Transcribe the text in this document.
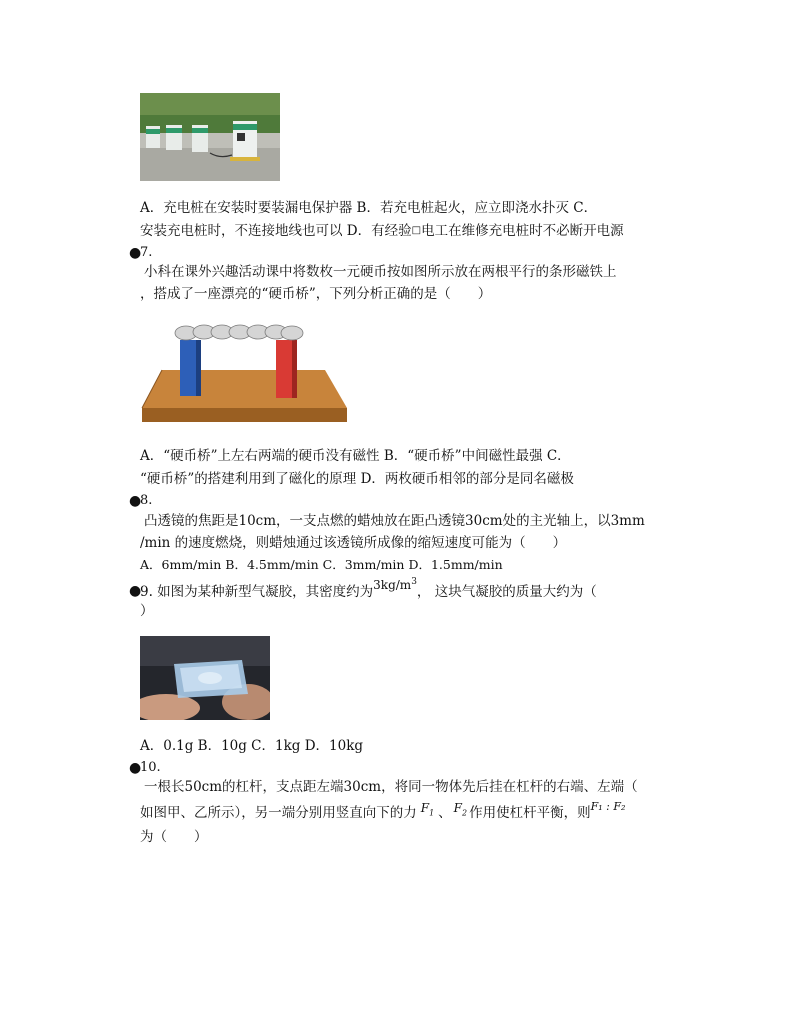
A．充电桩在安装时要装漏电保护器 B．若充电桩起火，应立即浇水扑灭 C．
安装充电桩时，不连接地线也可以 D．有经验□电工在维修充电桩时不必断开电源
●
7.
小科在课外兴趣活动课中将数枚一元硬币按如图所示放在两根平行的条形磁铁上
，搭成了一座漂亮的“硬币桥”，下列分析正确的是（　　）
A．“硬币桥”上左右两端的硬币没有磁性 B．“硬币桥”中间磁性最强 C．
“硬币桥”的搭建利用到了磁化的原理 D．两枚硬币相邻的部分是同名磁极
●
8.
凸透镜的焦距是10cm，一支点燃的蜡烛放在距凸透镜30cm处的主光轴上，以3mm
/min 的速度燃烧，则蜡烛通过该透镜所成像的缩短速度可能为（　　）
A．6mm/min B．4.5mm/min C．3mm/min D．1.5mm/min
●
9. 如图为某种新型气凝胶，其密度约为$3kg/m^3$， 这块气凝胶的质量大约为（
）
A．0.1g B．10g C．1kg D．10kg
●
10.
一根长50cm的杠杆，支点距左端30cm，将同一物体先后挂在杠杆的右端、左端（
如图甲、乙所示），另一端分别用竖直向下的力 $F_1$ 、 $F_2$ 作用使杠杆平衡，则$^{F_1 : F_2}$
为（　　）
